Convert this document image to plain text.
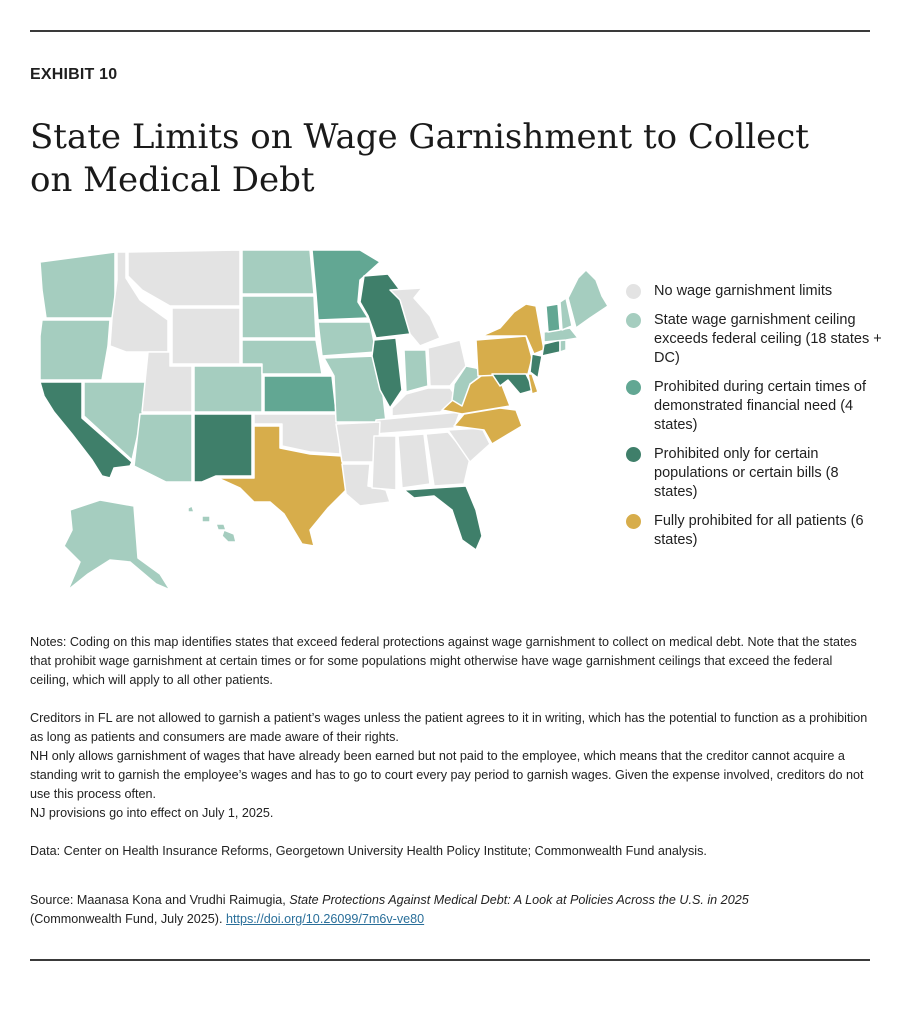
EXHIBIT 10
State Limits on Wage Garnishment to Collect on Medical Debt
No wage garnishment limits
State wage garnishment ceiling exceeds federal ceiling (18 states + DC)
Prohibited during certain times of demonstrated financial need (4 states)
Prohibited only for certain populations or certain bills (8 states)
Fully prohibited for all patients (6 states)

Notes: Coding on this map identifies states that exceed federal protections against wage garnishment to collect on medical debt. Note that the states that prohibit wage garnishment at certain times or for some populations might otherwise have wage garnishment ceilings that exceed the federal ceiling, which will apply to all other patients.

Creditors in FL are not allowed to garnish a patient’s wages unless the patient agrees to it in writing, which has the potential to function as a prohibition as long as patients and consumers are made aware of their rights.

NH only allows garnishment of wages that have already been earned but not paid to the employee, which means that the creditor cannot acquire a standing writ to garnish the employee’s wages and has to go to court every pay period to garnish wages. Given the expense involved, creditors do not use this process often.

NJ provisions go into effect on July 1, 2025.

Data: Center on Health Insurance Reforms, Georgetown University Health Policy Institute; Commonwealth Fund analysis.

Source: Maanasa Kona and Vrudhi Raimugia, State Protections Against Medical Debt: A Look at Policies Across the U.S. in 2025 (Commonwealth Fund, July 2025). https://doi.org/10.26099/7m6v-ve80
